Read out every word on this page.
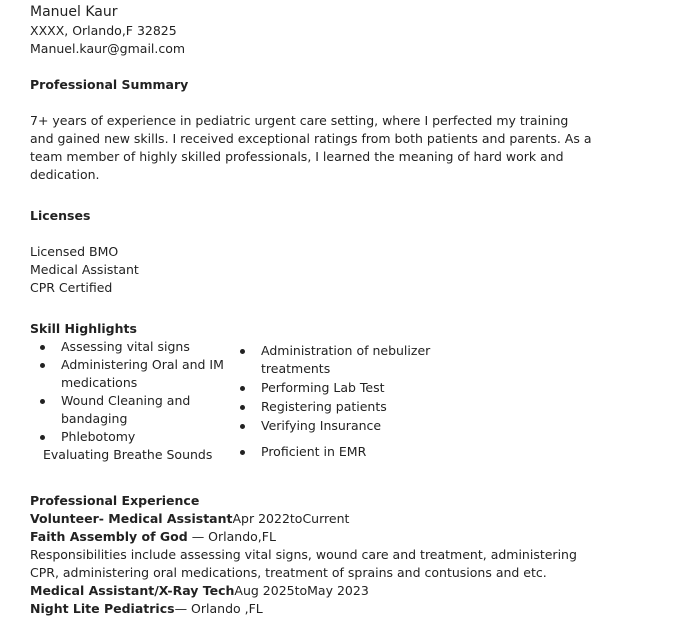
Manuel Kaur
XXXX, Orlando,F 32825
Manuel.kaur@gmail.com
Professional Summary
7+ years of experience in pediatric urgent care setting, where I perfected my training
and gained new skills. I received exceptional ratings from both patients and parents. As a
team member of highly skilled professionals, I learned the meaning of hard work and
dedication.
Licenses
Licensed BMO
Medical Assistant
CPR Certified
Skill Highlights
Assessing vital signs
Administering Oral and IM
medications
Wound Cleaning and
bandaging
Phlebotomy
Evaluating Breathe Sounds
Administration of nebulizer
treatments
Performing Lab Test
Registering patients
Verifying Insurance
Proficient in EMR
Professional Experience
Volunteer- Medical AssistantApr 2022toCurrent
Faith Assembly of God — Orlando,FL
Responsibilities include assessing vital signs, wound care and treatment, administering
CPR, administering oral medications, treatment of sprains and contusions and etc.
Medical Assistant/X-Ray TechAug 2025toMay 2023
Night Lite Pediatrics— Orlando ,FL
